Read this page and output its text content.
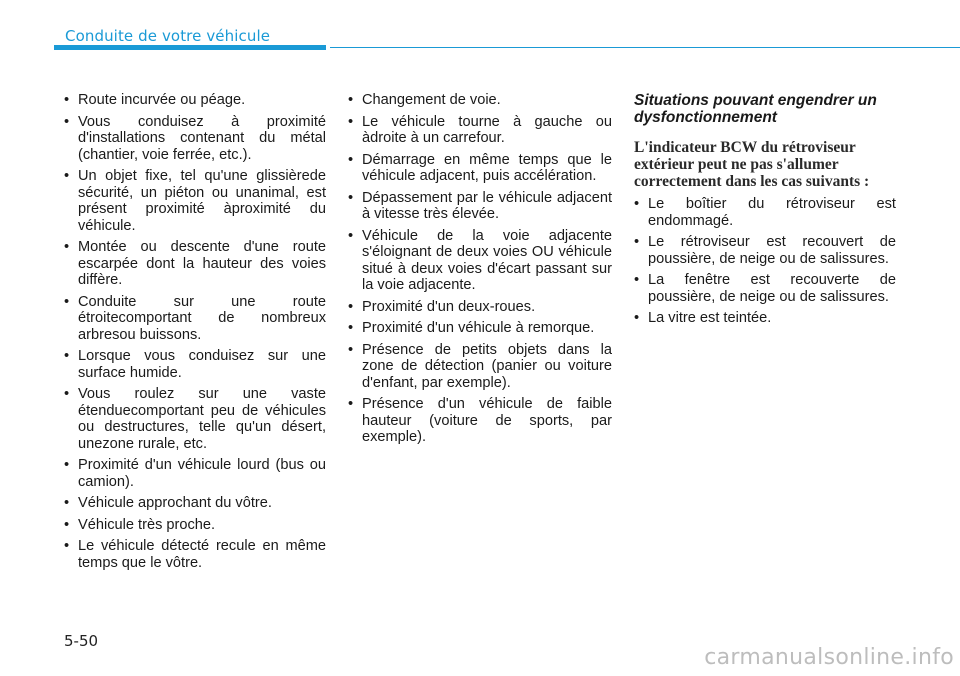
Conduite de votre véhicule
• Route incurvée ou péage.
• Vous conduisez à proximité d'installations contenant du métal (chantier, voie ferrée, etc.).
• Un objet fixe, tel qu'une glissièrede sécurité, un piéton ou unanimal, est présent proximité àproximité du véhicule.
• Montée ou descente d'une route escarpée dont la hauteur des voies diffère.
• Conduite sur une route étroitecomportant de nombreux arbresou buissons.
• Lorsque vous conduisez sur une surface humide.
• Vous roulez sur une vaste étenduecomportant peu de véhicules ou destructures, telle qu'un désert, unezone rurale, etc.
• Proximité d'un véhicule lourd (bus ou camion).
• Véhicule approchant du vôtre.
• Véhicule très proche.
• Le véhicule détecté recule en même temps que le vôtre.
• Changement de voie.
• Le véhicule tourne à gauche ou àdroite à un carrefour.
• Démarrage en même temps que le véhicule adjacent, puis accélération.
• Dépassement par le véhicule adjacent à vitesse très élevée.
• Véhicule de la voie adjacente s'éloignant de deux voies OU véhicule situé à deux voies d'écart passant sur la voie adjacente.
• Proximité d'un deux-roues.
• Proximité d'un véhicule à remorque.
• Présence de petits objets dans la zone de détection (panier ou voiture d'enfant, par exemple).
• Présence d'un véhicule de faible hauteur (voiture de sports, par exemple).
Situations pouvant engendrer un dysfonctionnement

L'indicateur BCW du rétroviseur extérieur peut ne pas s'allumer correctement dans les cas suivants :

• Le boîtier du rétroviseur est endommagé.
• Le rétroviseur est recouvert de poussière, de neige ou de salissures.
• La fenêtre est recouverte de poussière, de neige ou de salissures.
• La vitre est teintée.
5-50
carmanualsonline.info
